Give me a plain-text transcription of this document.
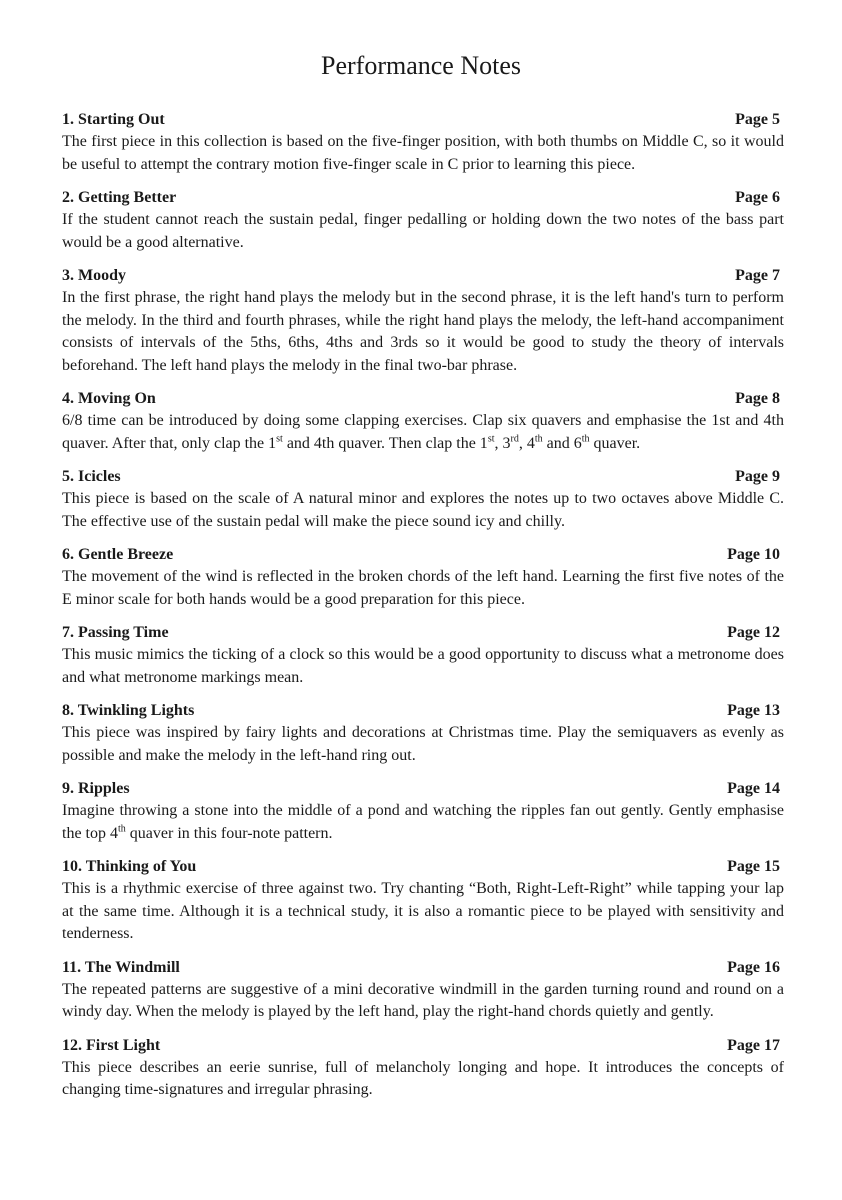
Performance Notes
1. Starting Out	Page 5

The first piece in this collection is based on the five-finger position, with both thumbs on Middle C, so it would be useful to attempt the contrary motion five-finger scale in C prior to learning this piece.

2. Getting Better	Page 6

If the student cannot reach the sustain pedal, finger pedalling or holding down the two notes of the bass part would be a good alternative.

3. Moody	Page 7

In the first phrase, the right hand plays the melody but in the second phrase, it is the left hand's turn to perform the melody. In the third and fourth phrases, while the right hand plays the melody, the left-hand accompaniment consists of intervals of the 5ths, 6ths, 4ths and 3rds so it would be good to study the theory of intervals beforehand. The left hand plays the melody in the final two-bar phrase.

4. Moving On	Page 8

6/8 time can be introduced by doing some clapping exercises. Clap six quavers and emphasise the 1st and 4th quaver. After that, only clap the 1st and 4th quaver. Then clap the 1st, 3rd, 4th and 6th quaver.

5. Icicles	Page 9

This piece is based on the scale of A natural minor and explores the notes up to two octaves above Middle C. The effective use of the sustain pedal will make the piece sound icy and chilly.

6. Gentle Breeze	Page 10

The movement of the wind is reflected in the broken chords of the left hand. Learning the first five notes of the E minor scale for both hands would be a good preparation for this piece.

7. Passing Time	Page 12

This music mimics the ticking of a clock so this would be a good opportunity to discuss what a metronome does and what metronome markings mean.

8. Twinkling Lights	Page 13

This piece was inspired by fairy lights and decorations at Christmas time. Play the semiquavers as evenly as possible and make the melody in the left-hand ring out.

9. Ripples	Page 14

Imagine throwing a stone into the middle of a pond and watching the ripples fan out gently. Gently emphasise the top 4th quaver in this four-note pattern.

10. Thinking of You	Page 15

This is a rhythmic exercise of three against two. Try chanting “Both, Right-Left-Right” while tapping your lap at the same time. Although it is a technical study, it is also a romantic piece to be played with sensitivity and tenderness.

11. The Windmill	Page 16

The repeated patterns are suggestive of a mini decorative windmill in the garden turning round and round on a windy day. When the melody is played by the left hand, play the right-hand chords quietly and gently.

12. First Light	Page 17

This piece describes an eerie sunrise, full of melancholy longing and hope. It introduces the concepts of changing time-signatures and irregular phrasing.
